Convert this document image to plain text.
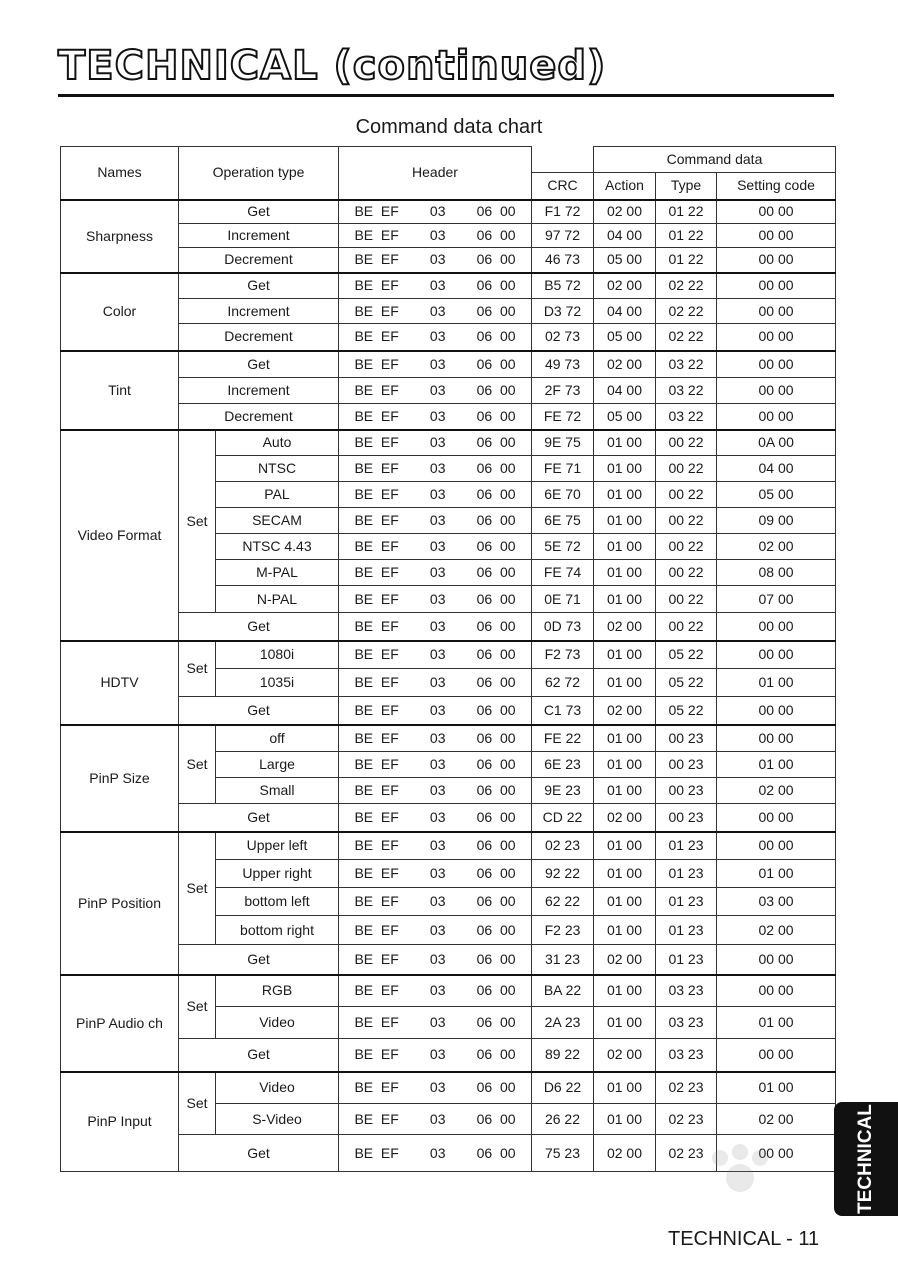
TECHNICAL (continued)
Command data chart
Names	Operation type		Header		Command data		
				CRC	Action	Type	Setting code
Sharpness	Get		BE  EF        03        06  00	F1 72	02 00	01 22	00 00
	Increment		BE  EF        03        06  00	97 72	04 00	01 22	00 00
	Decrement		BE  EF        03        06  00	46 73	05 00	01 22	00 00
Color	Get		BE  EF        03        06  00	B5 72	02 00	02 22	00 00
	Increment		BE  EF        03        06  00	D3 72	04 00	02 22	00 00
	Decrement		BE  EF        03        06  00	02 73	05 00	02 22	00 00
Tint	Get		BE  EF        03        06  00	49 73	02 00	03 22	00 00
	Increment		BE  EF        03        06  00	2F 73	04 00	03 22	00 00
	Decrement		BE  EF        03        06  00	FE 72	05 00	03 22	00 00
Video Format	Set	Auto	BE  EF        03        06  00	9E 75	01 00	00 22	0A 00
		NTSC	BE  EF        03        06  00	FE 71	01 00	00 22	04 00
		PAL	BE  EF        03        06  00	6E 70	01 00	00 22	05 00
		SECAM	BE  EF        03        06  00	6E 75	01 00	00 22	09 00
		NTSC 4.43	BE  EF        03        06  00	5E 72	01 00	00 22	02 00
		M-PAL	BE  EF        03        06  00	FE 74	01 00	00 22	08 00
		N-PAL	BE  EF        03        06  00	0E 71	01 00	00 22	07 00
	Get		BE  EF        03        06  00	0D 73	02 00	00 22	00 00
HDTV	Set	1080i	BE  EF        03        06  00	F2 73	01 00	05 22	00 00
		1035i	BE  EF        03        06  00	62 72	01 00	05 22	01 00
	Get		BE  EF        03        06  00	C1 73	02 00	05 22	00 00
PinP Size	Set	off	BE  EF        03        06  00	FE 22	01 00	00 23	00 00
		Large	BE  EF        03        06  00	6E 23	01 00	00 23	01 00
		Small	BE  EF        03        06  00	9E 23	01 00	00 23	02 00
	Get		BE  EF        03        06  00	CD 22	02 00	00 23	00 00
PinP Position	Set	Upper left	BE  EF        03        06  00	02 23	01 00	01 23	00 00
		Upper right	BE  EF        03        06  00	92 22	01 00	01 23	01 00
		bottom left	BE  EF        03        06  00	62 22	01 00	01 23	03 00
		bottom right	BE  EF        03        06  00	F2 23	01 00	01 23	02 00
	Get		BE  EF        03        06  00	31 23	02 00	01 23	00 00
PinP Audio ch	Set	RGB	BE  EF        03        06  00	BA 22	01 00	03 23	00 00
		Video	BE  EF        03        06  00	2A 23	01 00	03 23	01 00
	Get		BE  EF        03        06  00	89 22	02 00	03 23	00 00
PinP Input	Set	Video	BE  EF        03        06  00	D6 22	01 00	02 23	01 00
		S-Video	BE  EF        03        06  00	26 22	01 00	02 23	02 00
	Get		BE  EF        03        06  00	75 23	02 00	02 23	00 00	TECHNICAL
TECHNICAL - 11
